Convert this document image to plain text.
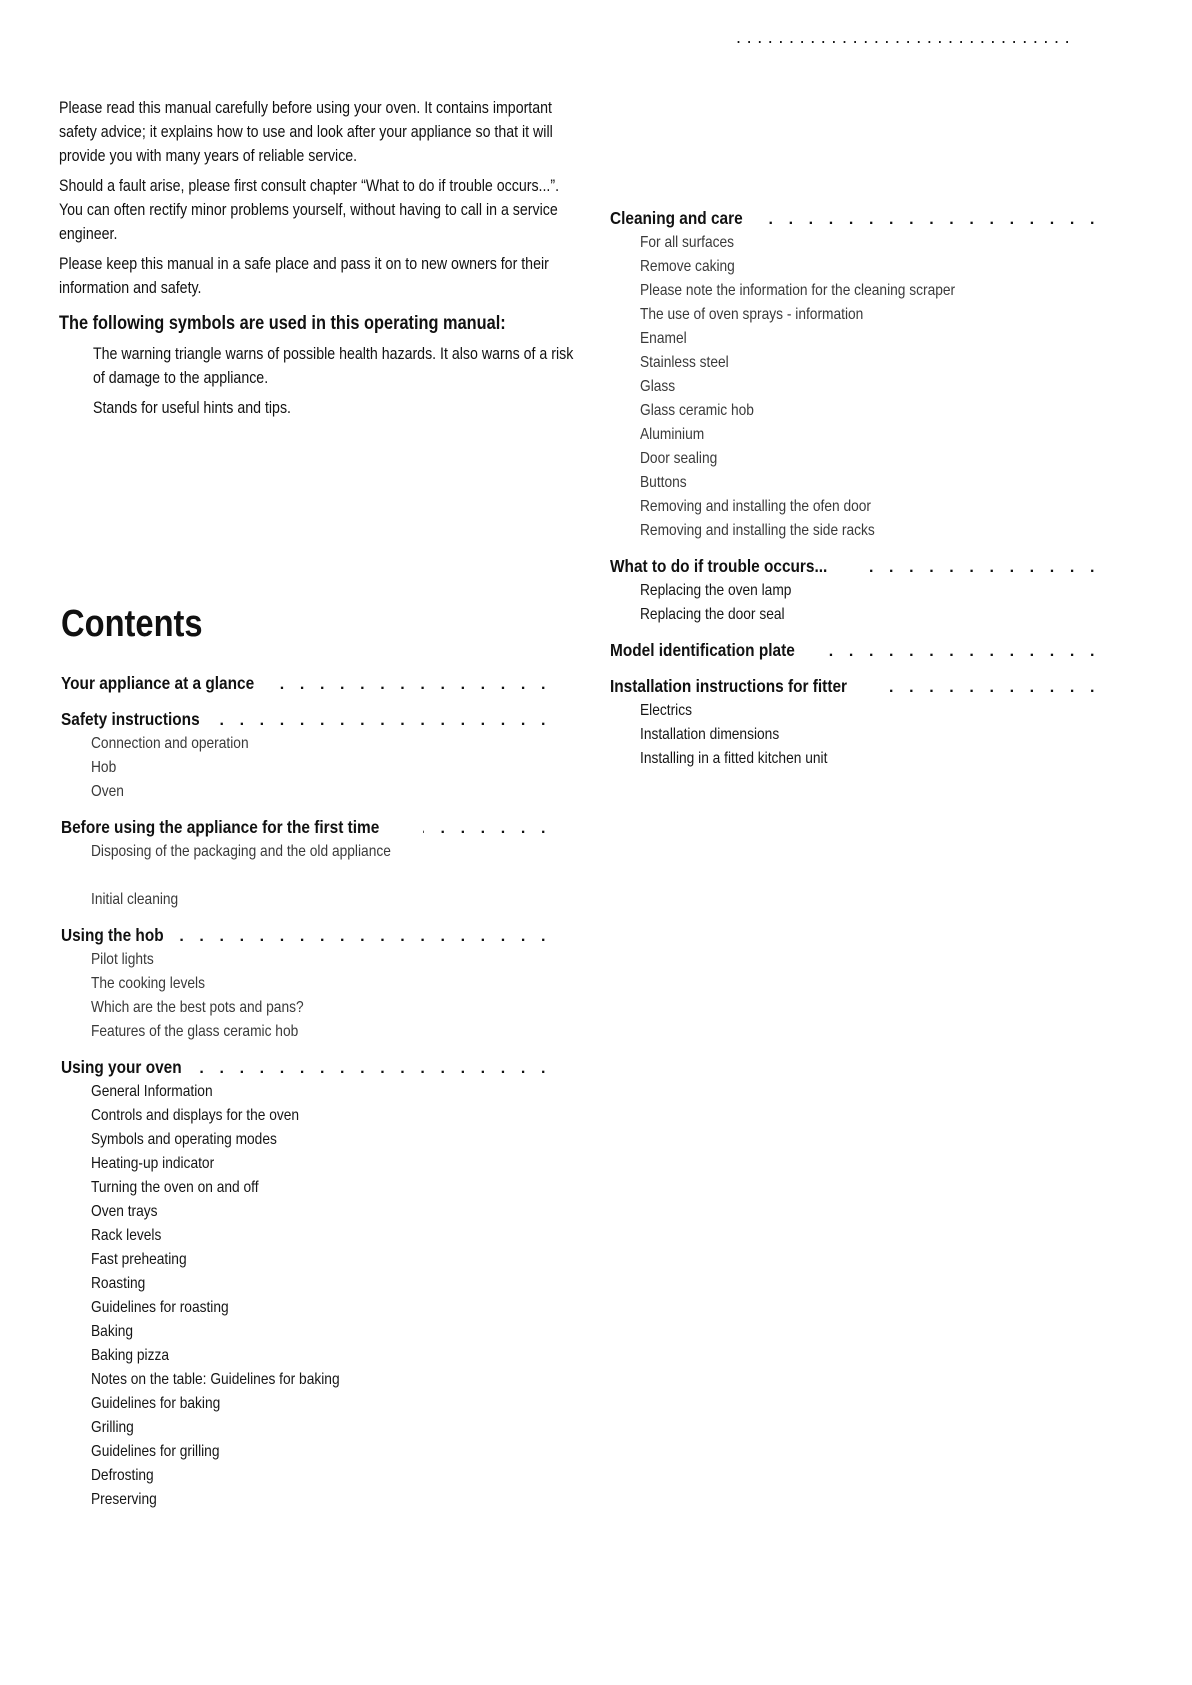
................................

Please read this manual carefully before using your oven. It contains important safety advice; it explains how to use and look after your appliance so that it will provide you with many years of reliable service.

Should a fault arise, please first consult chapter “What to do if trouble occurs...”. You can often rectify minor problems yourself, without having to call in a service engineer.

Please keep this manual in a safe place and pass it on to new owners for their information and safety.

The following symbols are used in this operating manual:

The warning triangle warns of possible health hazards. It also warns of a risk of damage to the appliance.

Stands for useful hints and tips.

Contents
Your appliance at a glance
. . .
Safety instructions
. . .
Connection and operation
Hob
Oven
Before using the appliance for the first time
. . .
Disposing of the packaging and the old appliance
Initial cleaning
Using the hob
. . .
Pilot lights
The cooking levels
Which are the best pots and pans?
Features of the glass ceramic hob
Using your oven
. . .
General Information
Controls and displays for the oven
Symbols and operating modes
Heating-up indicator
Turning the oven on and off
Oven trays
Rack levels
Fast preheating
Roasting
Guidelines for roasting
Baking
Baking pizza
Notes on the table: Guidelines for baking
Guidelines for baking
Grilling
Guidelines for grilling
Defrosting
Preserving
Cleaning and care
. . .
For all surfaces
Remove caking
Please note the information for the cleaning scraper
The use of oven sprays - information
Enamel
Stainless steel
Glass
Glass ceramic hob
Aluminium
Door sealing
Buttons
Removing and installing the ofen door
Removing and installing the side racks
What to do if trouble occurs...
. . .
Replacing the oven lamp
Replacing the door seal
Model identification plate
. . .
Installation instructions for fitter
. . .
Electrics
Installation dimensions
Installing in a fitted kitchen unit
